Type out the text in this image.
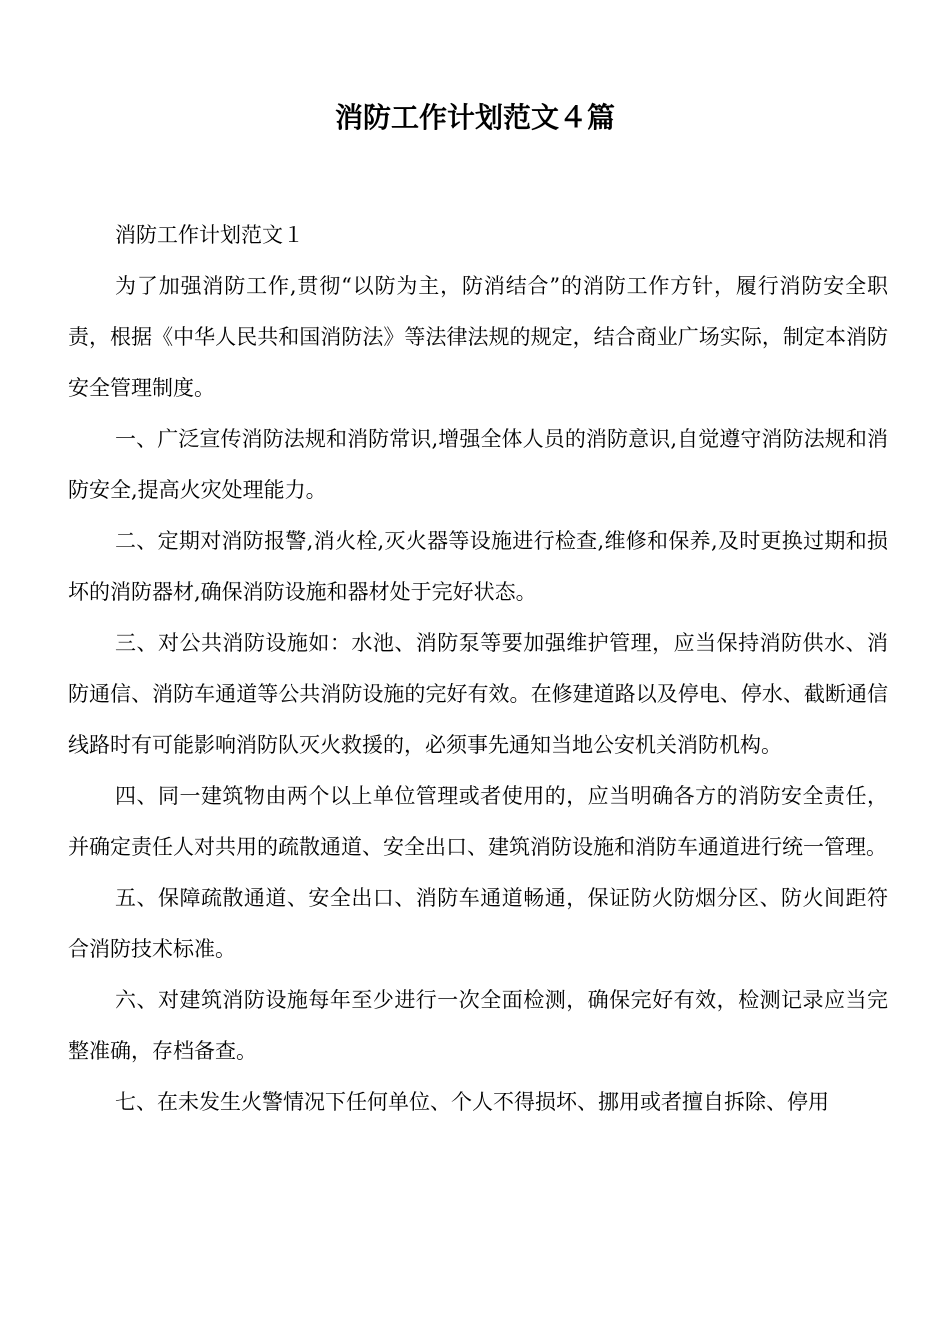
消防工作计划范文４篇

消防工作计划范文１

为了加强消防工作,贯彻“以防为主，防消结合”的消防工作方针，履行消防安全职责，根据《中华人民共和国消防法》等法律法规的规定，结合商业广场实际，制定本消防安全管理制度。

一、广泛宣传消防法规和消防常识,增强全体人员的消防意识,自觉遵守消防法规和消防安全,提高火灾处理能力。

二、定期对消防报警,消火栓,灭火器等设施进行检查,维修和保养,及时更换过期和损坏的消防器材,确保消防设施和器材处于完好状态。

三、对公共消防设施如：水池、消防泵等要加强维护管理，应当保持消防供水、消防通信、消防车通道等公共消防设施的完好有效。在修建道路以及停电、停水、截断通信线路时有可能影响消防队灭火救援的，必须事先通知当地公安机关消防机构。

四、同一建筑物由两个以上单位管理或者使用的，应当明确各方的消防安全责任，并确定责任人对共用的疏散通道、安全出口、建筑消防设施和消防车通道进行统一管理。

五、保障疏散通道、安全出口、消防车通道畅通，保证防火防烟分区、防火间距符合消防技术标准。

六、对建筑消防设施每年至少进行一次全面检测，确保完好有效，检测记录应当完整准确，存档备查。

七、在未发生火警情况下任何单位、个人不得损坏、挪用或者擅自拆除、停用
